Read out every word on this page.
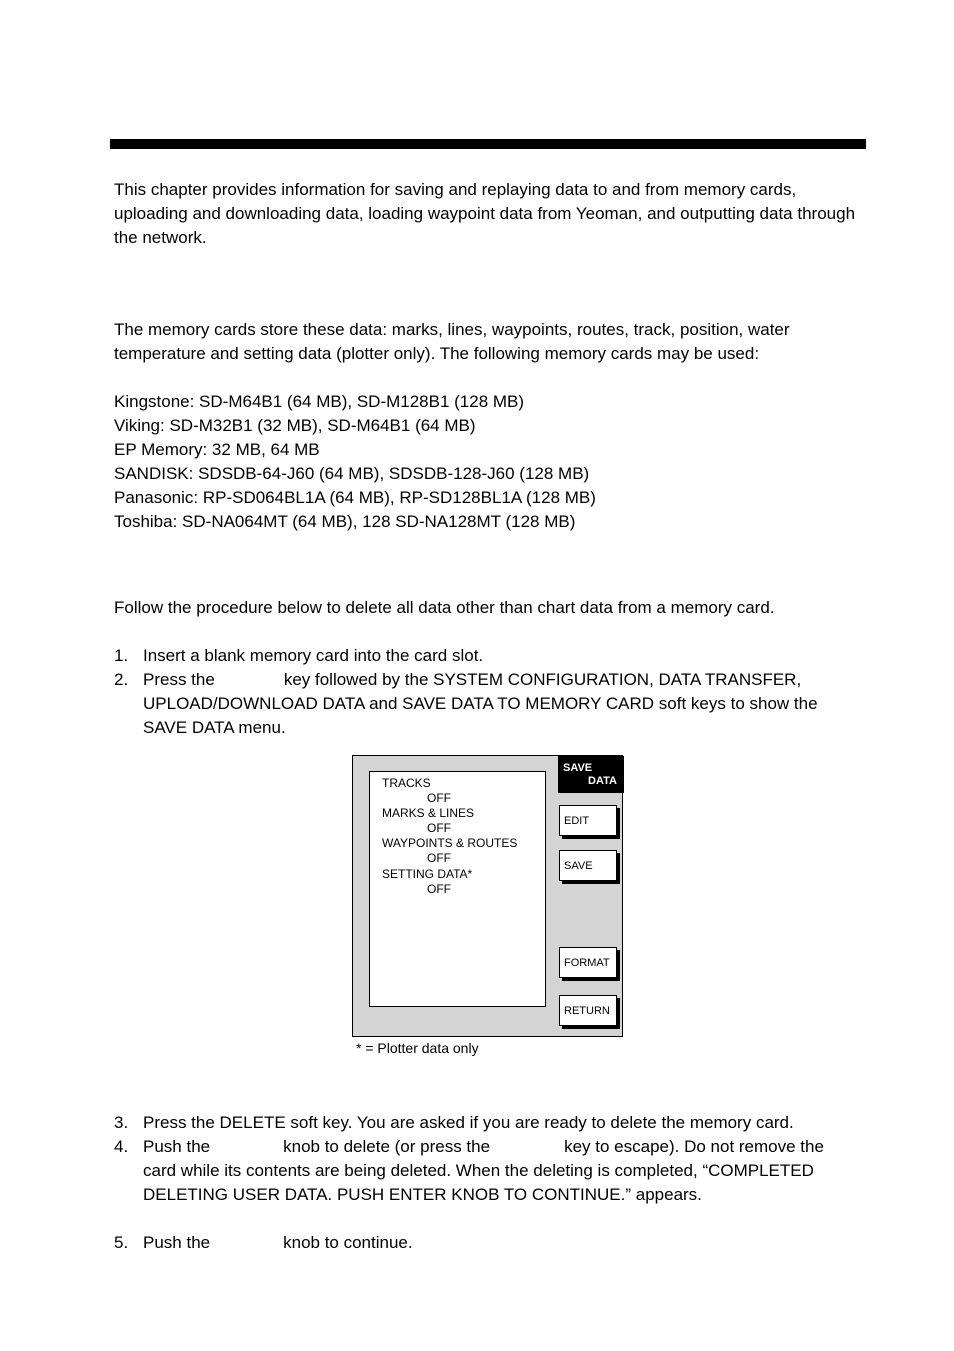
This chapter provides information for saving and replaying data to and from memory cards, uploading and downloading data, loading waypoint data from Yeoman, and outputting data through the network.

The memory cards store these data: marks, lines, waypoints, routes, track, position, water temperature and setting data (plotter only). The following memory cards may be used:

Kingstone: SD-M64B1 (64 MB), SD-M128B1 (128 MB)
Viking: SD-M32B1 (32 MB), SD-M64B1 (64 MB)
EP Memory: 32 MB, 64 MB
SANDISK: SDSDB-64-J60 (64 MB), SDSDB-128-J60 (128 MB)
Panasonic: RP-SD064BL1A (64 MB), RP-SD128BL1A (128 MB)
Toshiba: SD-NA064MT (64 MB), 128 SD-NA128MT (128 MB)

Follow the procedure below to delete all data other than chart data from a memory card.

1. Insert a blank memory card into the card slot.
2. Press the	key followed by the SYSTEM CONFIGURATION, DATA TRANSFER, UPLOAD/DOWNLOAD DATA and SAVE DATA TO MEMORY CARD soft keys to show the SAVE DATA menu.
TRACKS
OFF
MARKS & LINES
OFF
WAYPOINTS & ROUTES
OFF
SETTING DATA*
OFF
SAVE
DATA
EDIT
SAVE
FORMAT
RETURN
* = Plotter data only
3. Press the DELETE soft key. You are asked if you are ready to delete the memory card.
4. Push the	knob to delete (or press the	key to escape). Do not remove the card while its contents are being deleted. When the deleting is completed, “COMPLETED DELETING USER DATA. PUSH ENTER KNOB TO CONTINUE.” appears.
5. Push the	knob to continue.
